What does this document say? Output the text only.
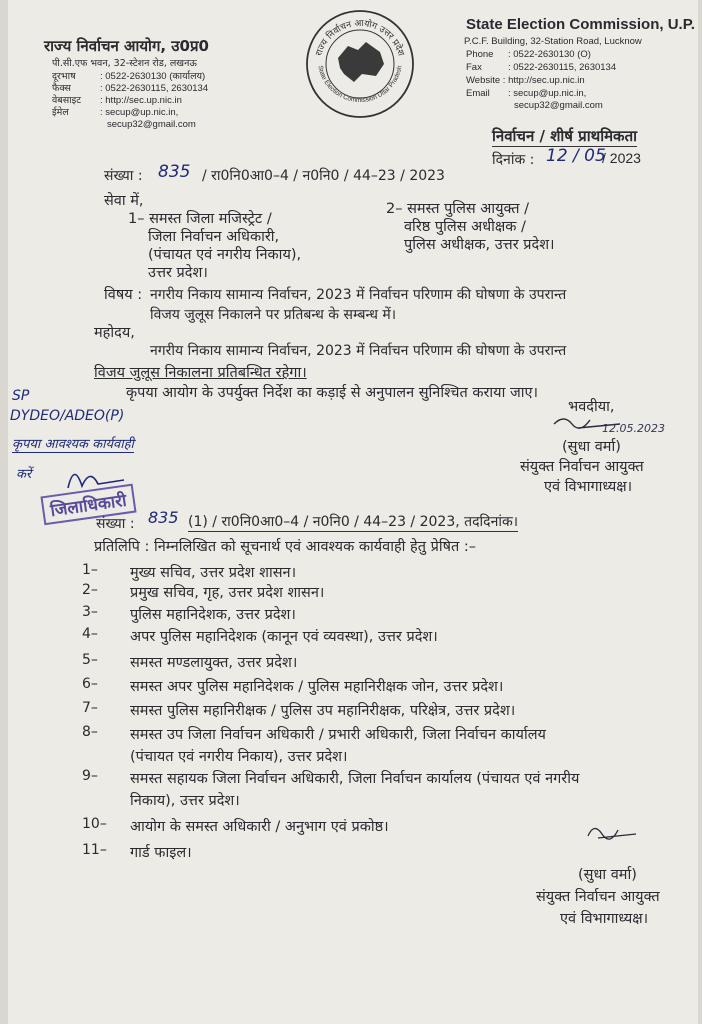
राज्य निर्वाचन आयोग, उ0प्र0
पी.सी.एफ भवन, 32-स्टेशन रोड, लखनऊ
दूरभाष	: 0522-2630130 (कार्यालय)
फैक्स	: 0522-2630115, 2630134
वेबसाइट : http://sec.up.nic.in
ईमेल	: secup@up.nic.in,
secup32@gmail.com
राज्य निर्वाचन आयोग उत्तर प्रदेश
State Election Commission Uttar Pradesh
State Election Commission, U.P.
P.C.F. Building, 32-Station Road, Lucknow
Phone : 0522-2630130 (O)
Fax	: 0522-2630115, 2630134
Website : http://sec.up.nic.in
Email : secup@up.nic.in,
secup32@gmail.com
निर्वाचन / शीर्ष प्राथमिकता
दिनांक : 12 / 05
/ 2023
संख्या : 835 / रा0नि0आ0–4 / न0नि0 / 44–23 / 2023
सेवा में,
1– समस्त जिला मजिस्ट्रेट /
जिला निर्वाचन अधिकारी,
(पंचायत एवं नगरीय निकाय),
उत्तर प्रदेश।
2– समस्त पुलिस आयुक्त /
वरिष्ठ पुलिस अधीक्षक /
पुलिस अधीक्षक, उत्तर प्रदेश।
विषय : नगरीय निकाय सामान्य निर्वाचन, 2023 में निर्वाचन परिणाम की घोषणा के उपरान्त
विजय जुलूस निकालने पर प्रतिबन्ध के सम्बन्ध में।
महोदय,
नगरीय निकाय सामान्य निर्वाचन, 2023 में निर्वाचन परिणाम की घोषणा के उपरान्त
विजय जुलूस निकालना प्रतिबन्धित रहेगा।
कृपया आयोग के उपर्युक्त निर्देश का कड़ाई से अनुपालन सुनिश्चित कराया जाए।
भवदीया,
12.05.2023
(सुधा वर्मा)
संयुक्त निर्वाचन आयुक्त
एवं विभागाध्यक्ष।
SP
DYDEO/ADEO(P)
कृपया आवश्यक कार्यवाही
करें
जिलाधिकारी
संख्या : 835 (1) / रा0नि0आ0–4 / न0नि0 / 44–23 / 2023, तददिनांक।
प्रतिलिपि : निम्नलिखित को सूचनार्थ एवं आवश्यक कार्यवाही हेतु प्रेषित :–
1– मुख्य सचिव, उत्तर प्रदेश शासन।
2– प्रमुख सचिव, गृह, उत्तर प्रदेश शासन।
3– पुलिस महानिदेशक, उत्तर प्रदेश।
4– अपर पुलिस महानिदेशक (कानून एवं व्यवस्था), उत्तर प्रदेश।
5– समस्त मण्डलायुक्त, उत्तर प्रदेश।
6– समस्त अपर पुलिस महानिदेशक / पुलिस महानिरीक्षक जोन, उत्तर प्रदेश।
7– समस्त पुलिस महानिरीक्षक / पुलिस उप महानिरीक्षक, परिक्षेत्र, उत्तर प्रदेश।
8– समस्त उप जिला निर्वाचन अधिकारी / प्रभारी अधिकारी, जिला निर्वाचन कार्यालय
(पंचायत एवं नगरीय निकाय), उत्तर प्रदेश।
9– समस्त सहायक जिला निर्वाचन अधिकारी, जिला निर्वाचन कार्यालय (पंचायत एवं नगरीय
निकाय), उत्तर प्रदेश।
10– आयोग के समस्त अधिकारी / अनुभाग एवं प्रकोष्ठ।
11– गार्ड फाइल।
(सुधा वर्मा)
संयुक्त निर्वाचन आयुक्त
एवं विभागाध्यक्ष।
